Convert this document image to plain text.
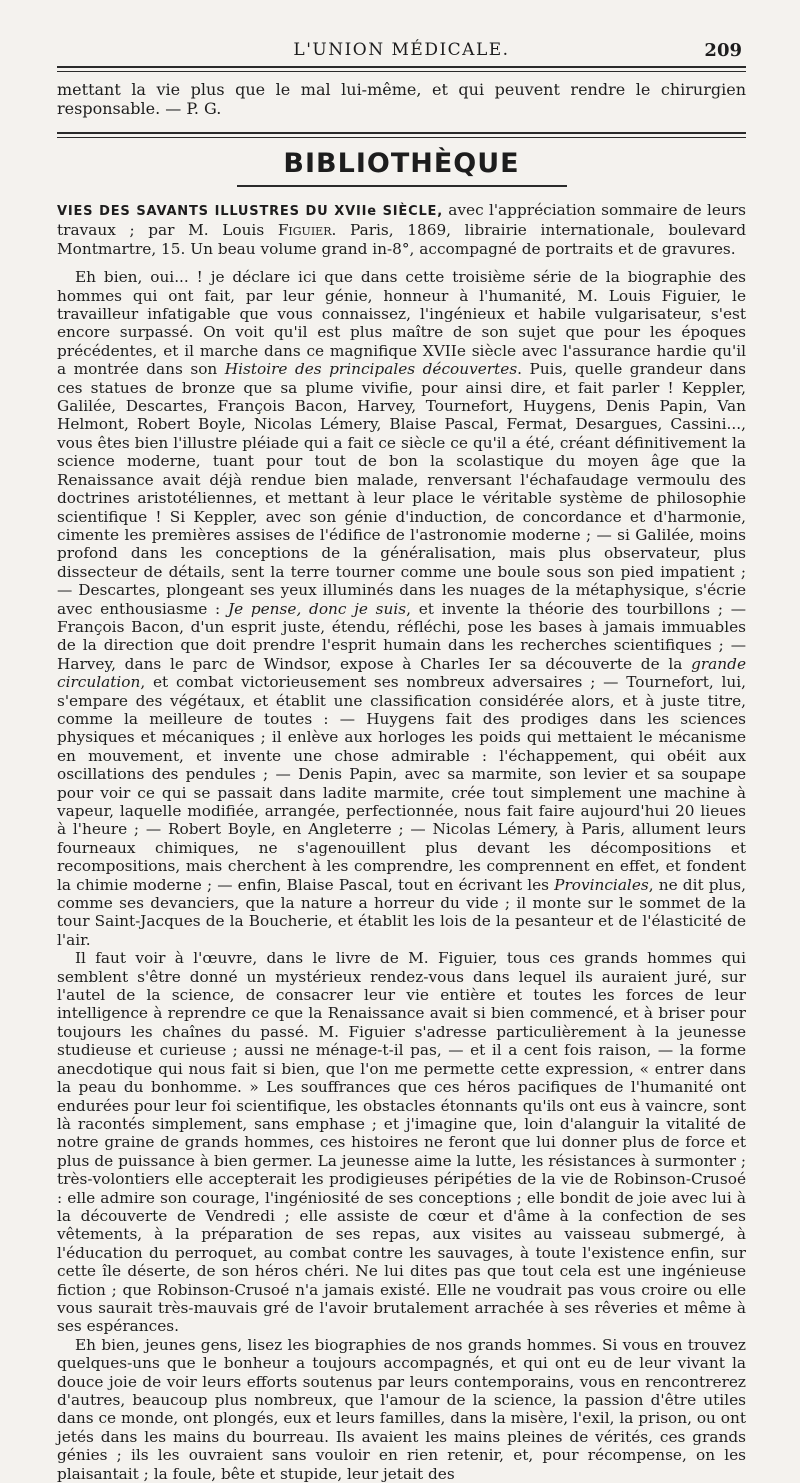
L'UNION MÉDICALE.	209

mettant la vie plus que le mal lui-même, et qui peuvent rendre le chirurgien responsable. — P. G.

BIBLIOTHÈQUE

VIES DES SAVANTS ILLUSTRES DU XVIIe SIÈCLE, avec l'appréciation sommaire de leurs travaux ; par M. Louis Figuier. Paris, 1869, librairie internationale, boulevard Montmartre, 15. Un beau volume grand in-8°, accompagné de portraits et de gravures.

Eh bien, oui... ! je déclare ici que dans cette troisième série de la biographie des hommes qui ont fait, par leur génie, honneur à l'humanité, M. Louis Figuier, le travailleur infatigable que vous connaissez, l'ingénieux et habile vulgarisateur, s'est encore surpassé. On voit qu'il est plus maître de son sujet que pour les époques précédentes, et il marche dans ce magnifique XVIIe siècle avec l'assurance hardie qu'il a montrée dans son Histoire des principales découvertes. Puis, quelle grandeur dans ces statues de bronze que sa plume vivifie, pour ainsi dire, et fait parler ! Keppler, Galilée, Descartes, François Bacon, Harvey, Tournefort, Huygens, Denis Papin, Van Helmont, Robert Boyle, Nicolas Lémery, Blaise Pascal, Fermat, Desargues, Cassini..., vous êtes bien l'illustre pléiade qui a fait ce siècle ce qu'il a été, créant définitivement la science moderne, tuant pour tout de bon la scolastique du moyen âge que la Renaissance avait déjà rendue bien malade, renversant l'échafaudage vermoulu des doctrines aristotéliennes, et mettant à leur place le véritable système de philosophie scientifique ! Si Keppler, avec son génie d'induction, de concordance et d'harmonie, cimente les premières assises de l'édifice de l'astronomie moderne ; — si Galilée, moins profond dans les conceptions de la généralisation, mais plus observateur, plus dissecteur de détails, sent la terre tourner comme une boule sous son pied impatient ; — Descartes, plongeant ses yeux illuminés dans les nuages de la métaphysique, s'écrie avec enthousiasme : Je pense, donc je suis, et invente la théorie des tourbillons ; — François Bacon, d'un esprit juste, étendu, réfléchi, pose les bases à jamais immuables de la direction que doit prendre l'esprit humain dans les recherches scientifiques ; — Harvey, dans le parc de Windsor, expose à Charles Ier sa découverte de la grande circulation, et combat victorieusement ses nombreux adversaires ; — Tournefort, lui, s'empare des végétaux, et établit une classification considérée alors, et à juste titre, comme la meilleure de toutes : — Huygens fait des prodiges dans les sciences physiques et mécaniques ; il enlève aux horloges les poids qui mettaient le mécanisme en mouvement, et invente une chose admirable : l'échappement, qui obéit aux oscillations des pendules ; — Denis Papin, avec sa marmite, son levier et sa soupape pour voir ce qui se passait dans ladite marmite, crée tout simplement une machine à vapeur, laquelle modifiée, arrangée, perfectionnée, nous fait faire aujourd'hui 20 lieues à l'heure ; — Robert Boyle, en Angleterre ; — Nicolas Lémery, à Paris, allument leurs fourneaux chimiques, ne s'agenouillent plus devant les décompositions et recompositions, mais cherchent à les comprendre, les comprennent en effet, et fondent la chimie moderne ; — enfin, Blaise Pascal, tout en écrivant les Provinciales, ne dit plus, comme ses devanciers, que la nature a horreur du vide ; il monte sur le sommet de la tour Saint-Jacques de la Boucherie, et établit les lois de la pesanteur et de l'élasticité de l'air.

Il faut voir à l'œuvre, dans le livre de M. Figuier, tous ces grands hommes qui semblent s'être donné un mystérieux rendez-vous dans lequel ils auraient juré, sur l'autel de la science, de consacrer leur vie entière et toutes les forces de leur intelligence à reprendre ce que la Renaissance avait si bien commencé, et à briser pour toujours les chaînes du passé. M. Figuier s'adresse particulièrement à la jeunesse studieuse et curieuse ; aussi ne ménage-t-il pas, — et il a cent fois raison, — la forme anecdotique qui nous fait si bien, que l'on me permette cette expression, « entrer dans la peau du bonhomme. » Les souffrances que ces héros pacifiques de l'humanité ont endurées pour leur foi scientifique, les obstacles étonnants qu'ils ont eus à vaincre, sont là racontés simplement, sans emphase ; et j'imagine que, loin d'alanguir la vitalité de notre graine de grands hommes, ces histoires ne feront que lui donner plus de force et plus de puissance à bien germer. La jeunesse aime la lutte, les résistances à surmonter ; très-volontiers elle accepterait les prodigieuses péripéties de la vie de Robinson-Crusoé : elle admire son courage, l'ingéniosité de ses conceptions ; elle bondit de joie avec lui à la découverte de Vendredi ; elle assiste de cœur et d'âme à la confection de ses vêtements, à la préparation de ses repas, aux visites au vaisseau submergé, à l'éducation du perroquet, au combat contre les sauvages, à toute l'existence enfin, sur cette île déserte, de son héros chéri. Ne lui dites pas que tout cela est une ingénieuse fiction ; que Robinson-Crusoé n'a jamais existé. Elle ne voudrait pas vous croire ou elle vous saurait très-mauvais gré de l'avoir brutalement arrachée à ses rêveries et même à ses espérances.

Eh bien, jeunes gens, lisez les biographies de nos grands hommes. Si vous en trouvez quelques-uns que le bonheur a toujours accompagnés, et qui ont eu de leur vivant la douce joie de voir leurs efforts soutenus par leurs contemporains, vous en rencontrerez d'autres, beaucoup plus nombreux, que l'amour de la science, la passion d'être utiles dans ce monde, ont plongés, eux et leurs familles, dans la misère, l'exil, la prison, ou ont jetés dans les mains du bourreau. Ils avaient les mains pleines de vérités, ces grands génies ; ils les ouvraient sans vouloir en rien retenir, et, pour récompense, on les plaisantait ; la foule, bête et stupide, leur jetait des
